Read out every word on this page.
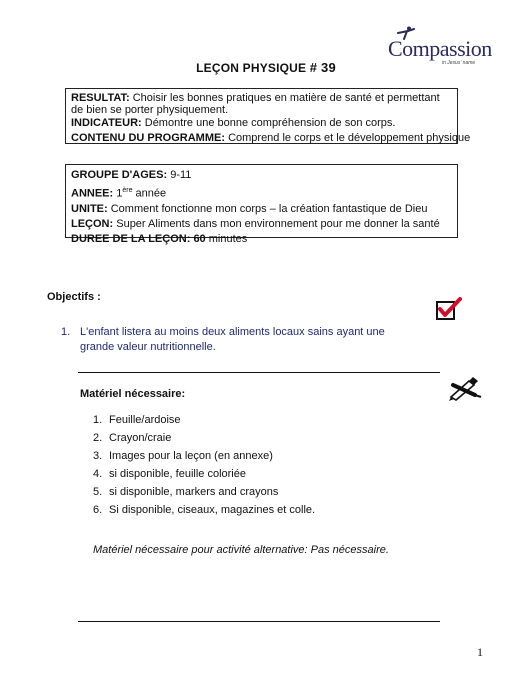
Compassion
in Jesus' name
LEÇON PHYSIQUE # 39
RESULTAT: Choisir les bonnes pratiques en matière de santé et permettant de bien se porter physiquement.
INDICATEUR: Démontre une bonne compréhension de son corps.
CONTENU DU PROGRAMME: Comprend le corps et le développement physique
GROUPE D'AGES: 9-11
ANNEE: 1ère année
UNITE: Comment fonctionne mon corps – la création fantastique de Dieu
LEÇON: Super Aliments dans mon environnement pour me donner la santé
DUREE DE LA LEÇON: 60 minutes
Objectifs :
1. L'enfant listera au moins deux aliments locaux sains ayant une grande valeur nutritionnelle.
Matériel nécessaire:
1. Feuille/ardoise
2. Crayon/craie
3. Images pour la leçon (en annexe)
4. si disponible, feuille coloriée
5. si disponible, markers and crayons
6. Si disponible, ciseaux, magazines et colle.
Matériel nécessaire pour activité alternative: Pas nécessaire.
1
